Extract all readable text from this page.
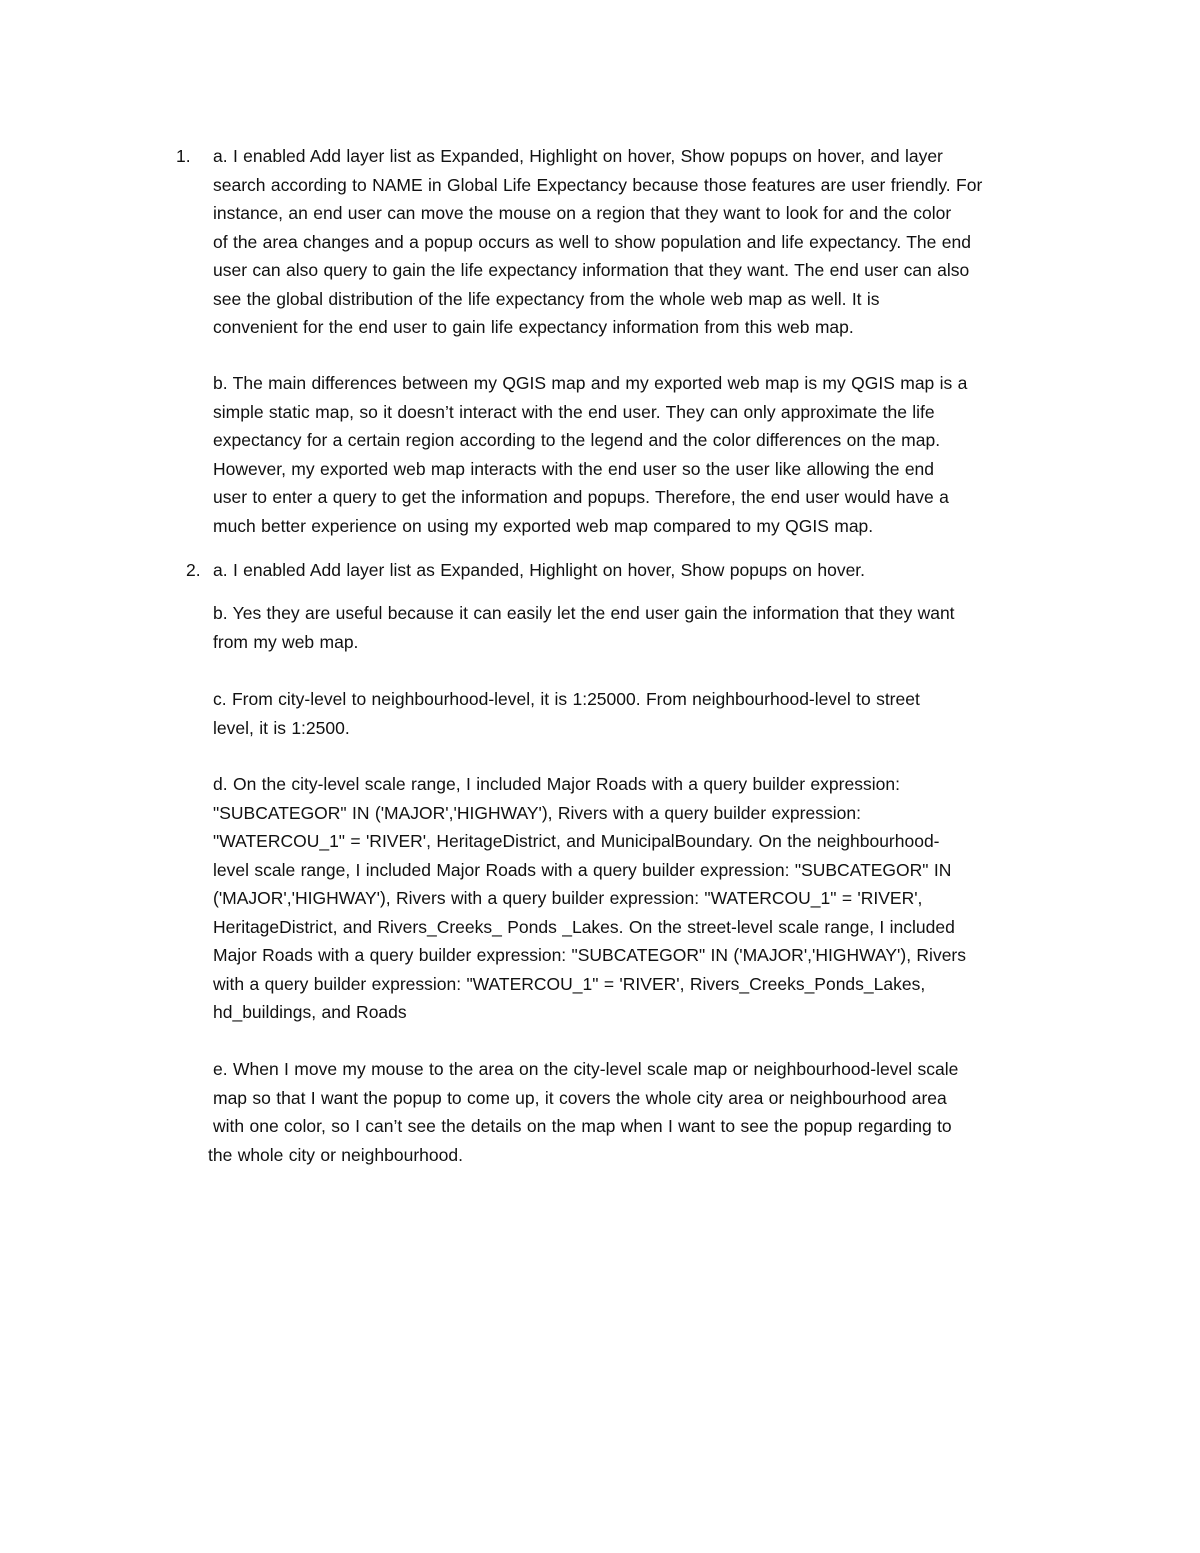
1. a. I enabled Add layer list as Expanded, Highlight on hover, Show popups on hover, and layer
search according to NAME in Global Life Expectancy because those features are user friendly. For
instance, an end user can move the mouse on a region that they want to look for and the color
of the area changes and a popup occurs as well to show population and life expectancy. The end
user can also query to gain the life expectancy information that they want. The end user can also
see the global distribution of the life expectancy from the whole web map as well. It is
convenient for the end user to gain life expectancy information from this web map.
b. The main differences between my QGIS map and my exported web map is my QGIS map is a
simple static map, so it doesn’t interact with the end user. They can only approximate the life
expectancy for a certain region according to the legend and the color differences on the map.
However, my exported web map interacts with the end user so the user like allowing the end
user to enter a query to get the information and popups. Therefore, the end user would have a
much better experience on using my exported web map compared to my QGIS map.
2. a. I enabled Add layer list as Expanded, Highlight on hover, Show popups on hover.
b. Yes they are useful because it can easily let the end user gain the information that they want
from my web map.
c. From city-level to neighbourhood-level, it is 1:25000. From neighbourhood-level to street
level, it is 1:2500.
d. On the city-level scale range, I included Major Roads with a query builder expression:
"SUBCATEGOR" IN ('MAJOR','HIGHWAY'), Rivers with a query builder expression:
"WATERCOU_1" = 'RIVER', HeritageDistrict, and MunicipalBoundary. On the neighbourhood-
level scale range, I included Major Roads with a query builder expression: "SUBCATEGOR" IN
('MAJOR','HIGHWAY'), Rivers with a query builder expression: "WATERCOU_1" = 'RIVER',
HeritageDistrict, and Rivers_Creeks_ Ponds _Lakes. On the street-level scale range, I included
Major Roads with a query builder expression: "SUBCATEGOR" IN ('MAJOR','HIGHWAY'), Rivers
with a query builder expression: "WATERCOU_1" = 'RIVER', Rivers_Creeks_Ponds_Lakes,
hd_buildings, and Roads
e. When I move my mouse to the area on the city-level scale map or neighbourhood-level scale
map so that I want the popup to come up, it covers the whole city area or neighbourhood area
with one color, so I can’t see the details on the map when I want to see the popup regarding to
the whole city or neighbourhood.
